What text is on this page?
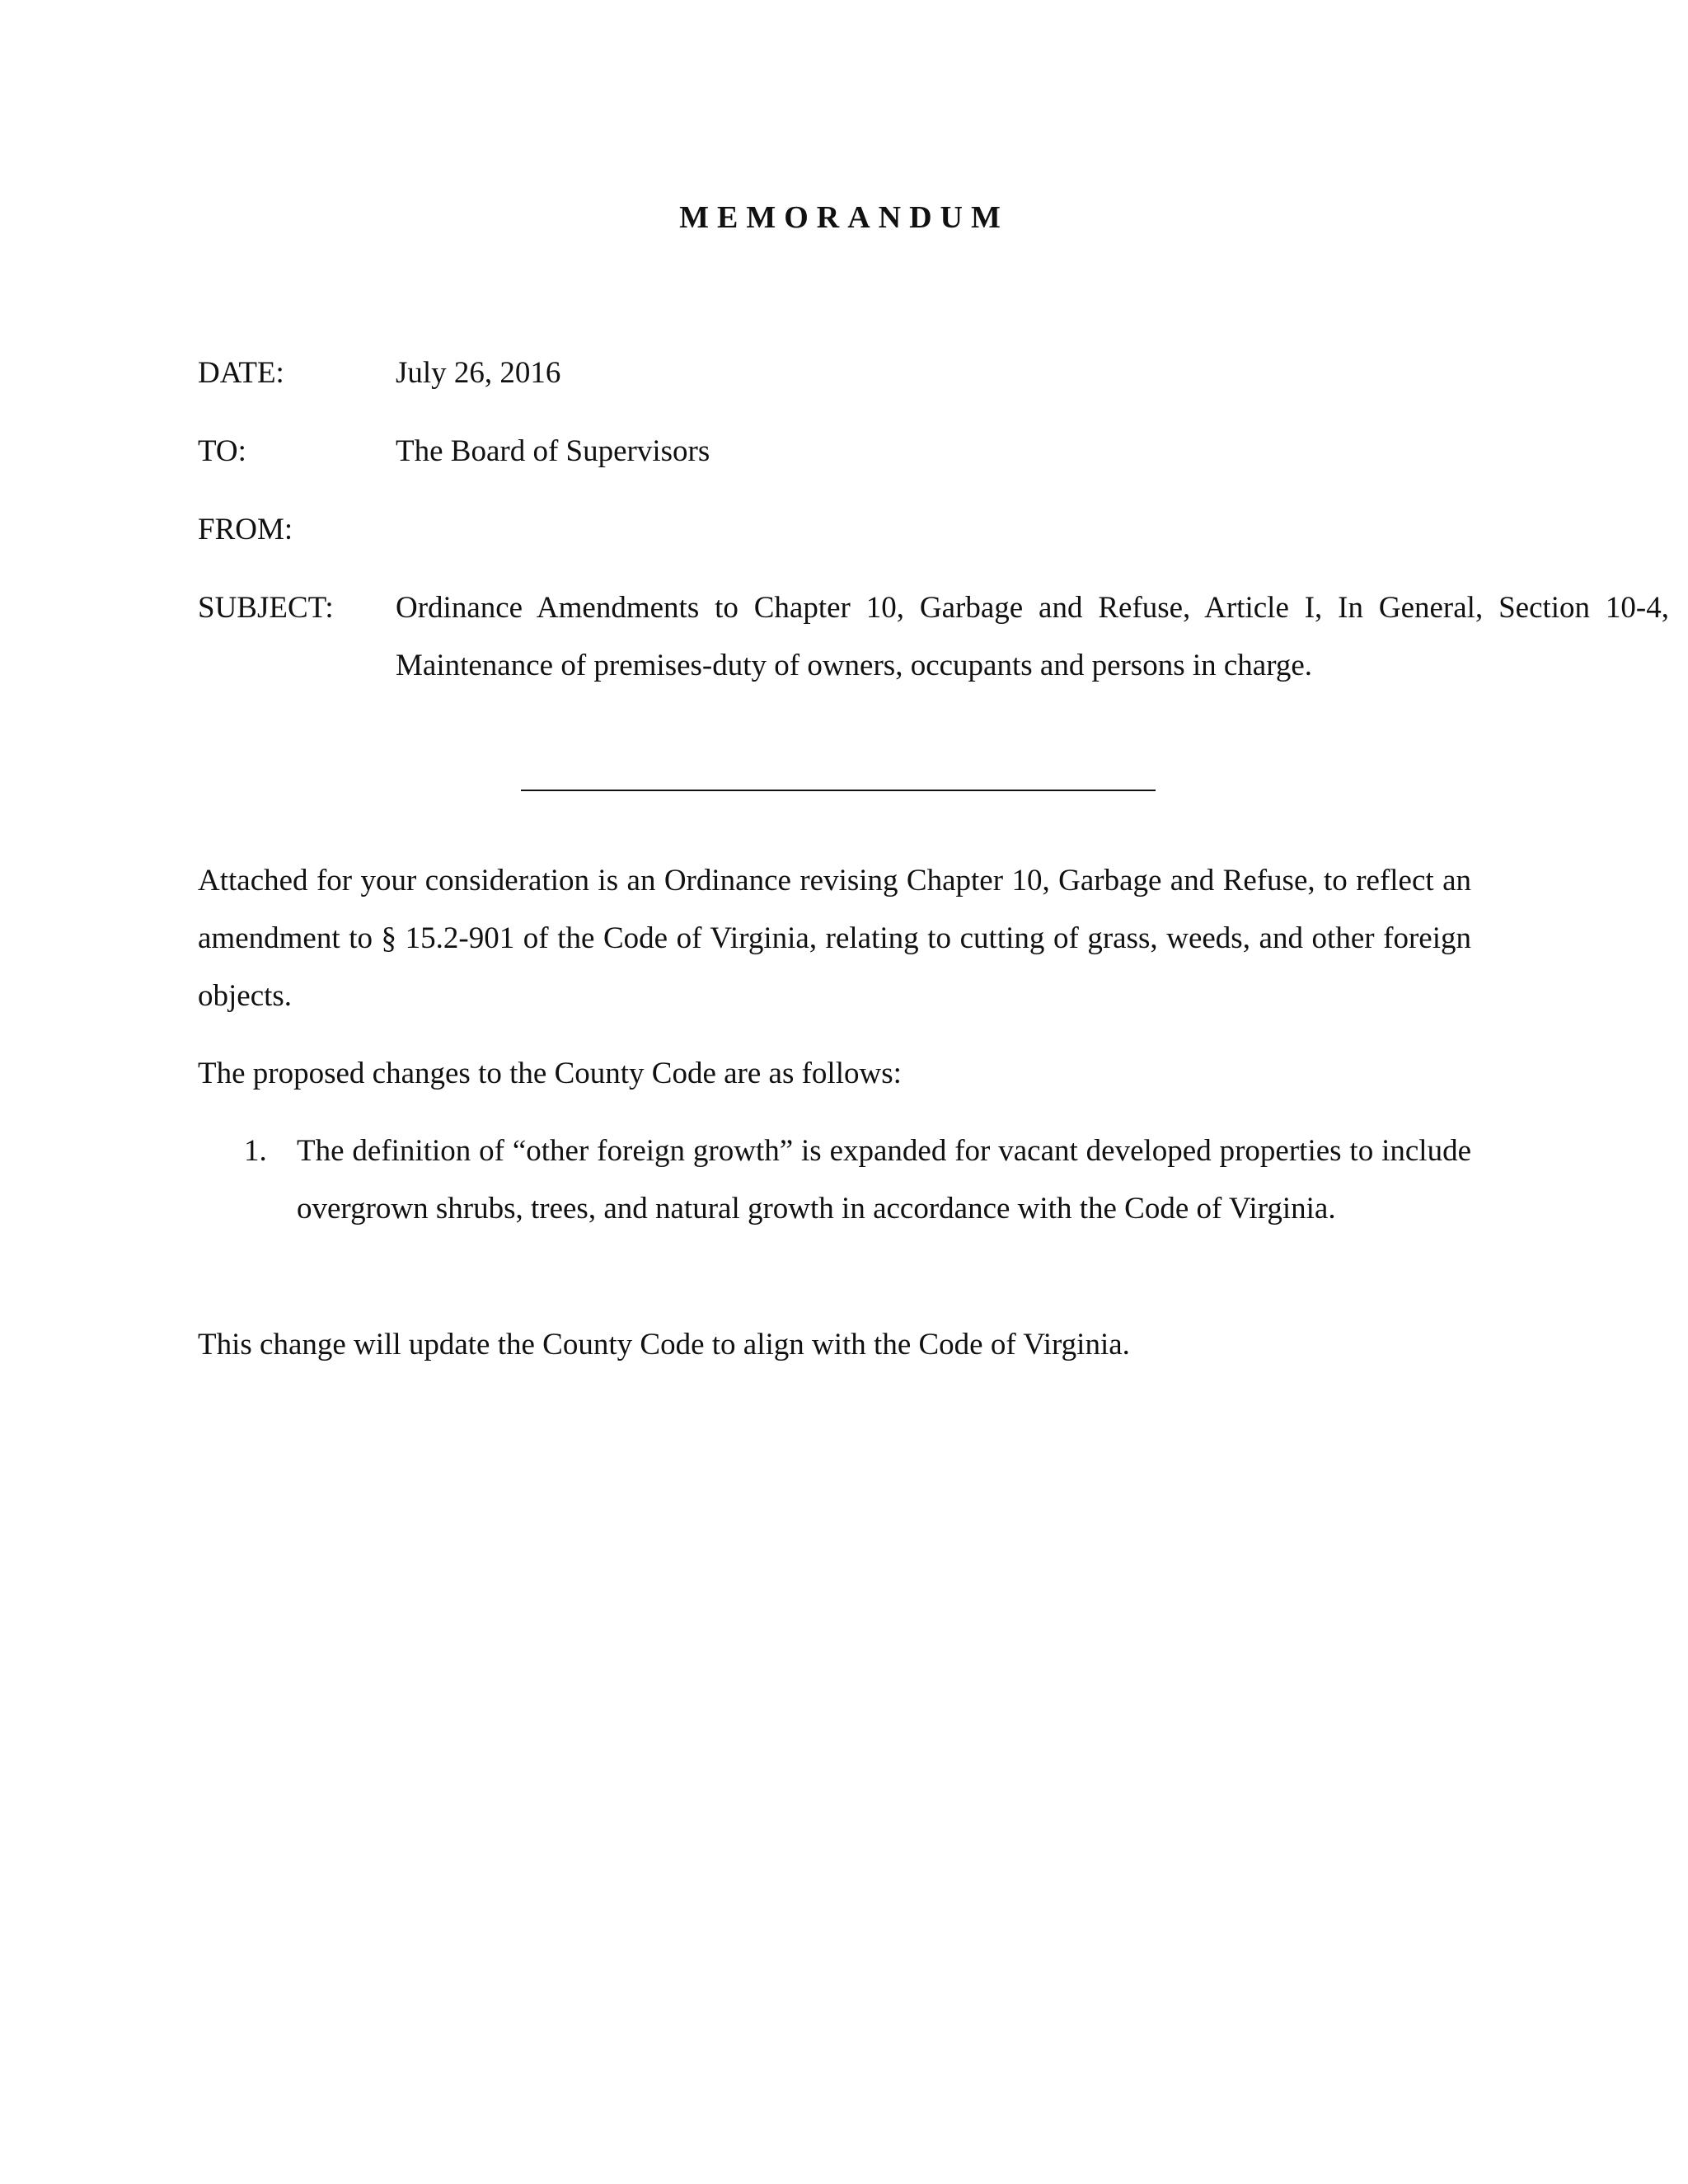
MEMORANDUM
DATE:	July 26, 2016
TO:	The Board of Supervisors
FROM:
SUBJECT:	Ordinance Amendments to Chapter 10, Garbage and Refuse, Article I, In General, Section 10-4, Maintenance of premises-duty of owners, occupants and persons in charge.

Attached for your consideration is an Ordinance revising Chapter 10, Garbage and Refuse, to reflect an amendment to § 15.2-901 of the Code of Virginia, relating to cutting of grass, weeds, and other foreign objects.

The proposed changes to the County Code are as follows:

1. The definition of “other foreign growth” is expanded for vacant developed properties to include overgrown shrubs, trees, and natural growth in accordance with the Code of Virginia.

This change will update the County Code to align with the Code of Virginia.
